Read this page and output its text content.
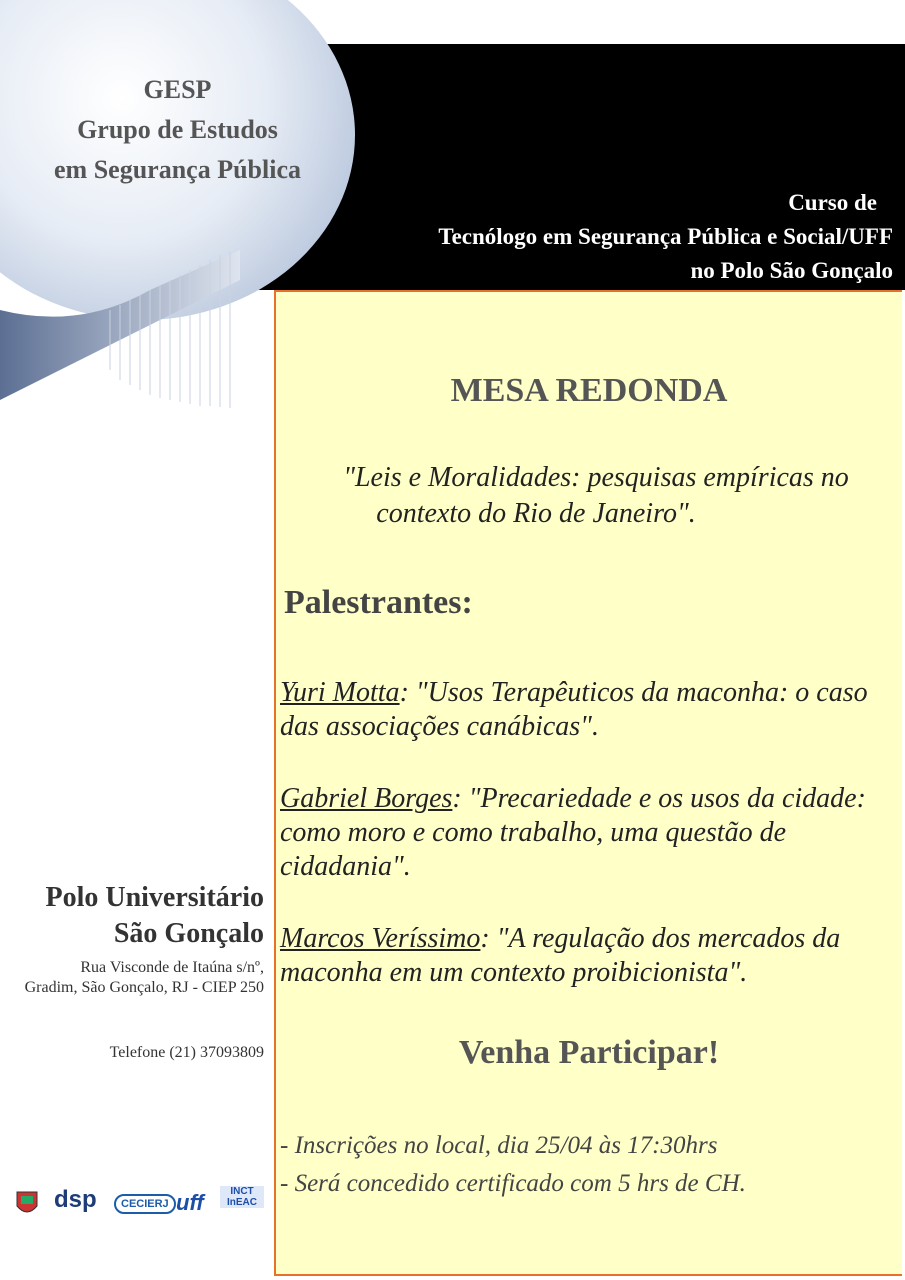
GESP
Grupo de Estudos
em Segurança Pública
Curso de
Tecnólogo em Segurança Pública e Social/UFF
no Polo São Gonçalo
MESA REDONDA
"Leis e Moralidades: pesquisas empíricas no
contexto do Rio de Janeiro".
Palestrantes:
Yuri Motta: "Usos Terapêuticos da maconha: o caso das associações canábicas".
Gabriel Borges: "Precariedade e os usos da cidade: como moro e como trabalho, uma questão de cidadania".
Marcos Veríssimo: "A regulação dos mercados da maconha em um contexto proibicionista".
Venha Participar!
- Inscrições no local, dia 25/04 às 17:30hrs
- Será concedido certificado com 5 hrs de CH.
Polo Universitário
São Gonçalo
Rua Visconde de Itaúna s/nº, Gradim, São Gonçalo, RJ - CIEP 250
Telefone (21) 37093809
dsp	CECIERJ uff	INCT InEAC
